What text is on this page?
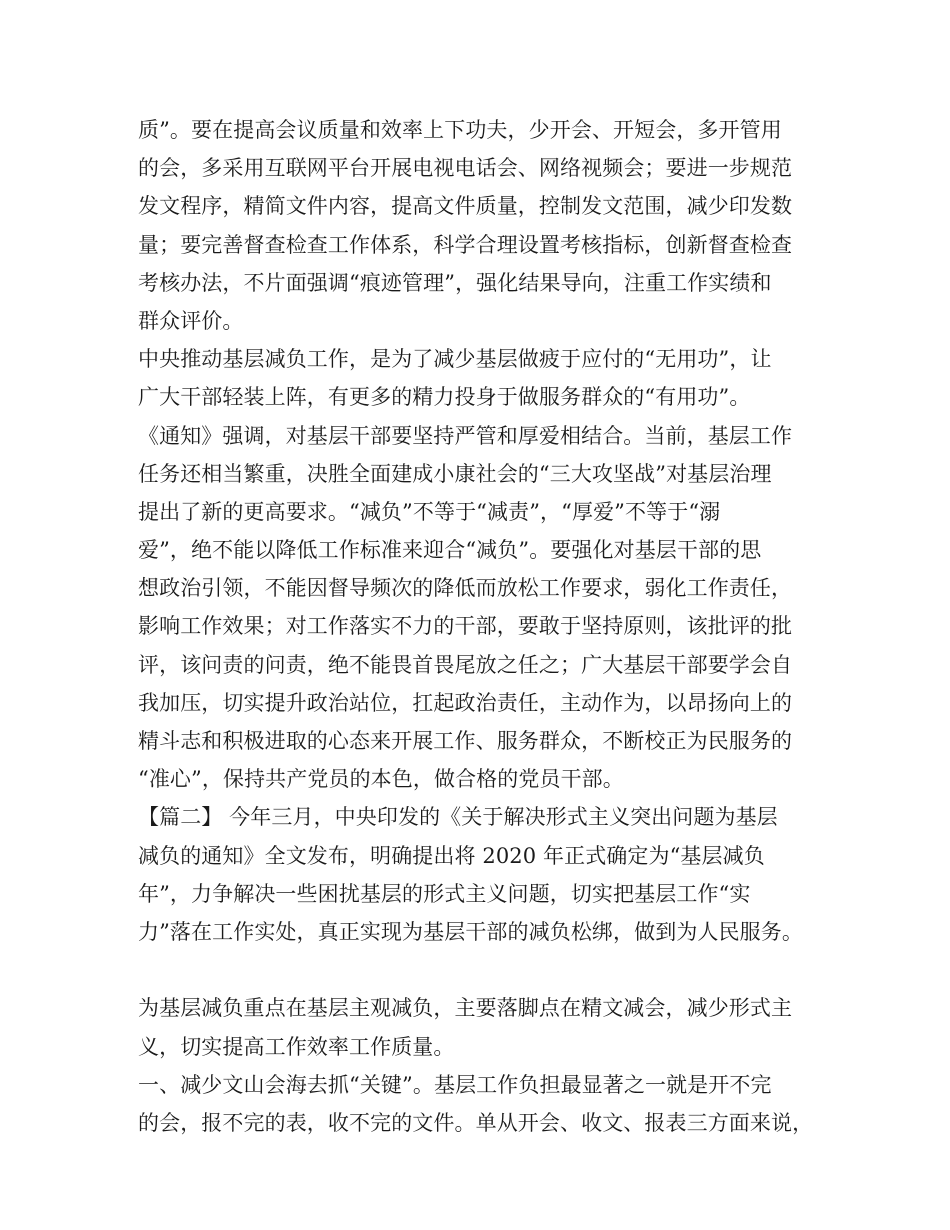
质”。要在提高会议质量和效率上下功夫，少开会、开短会，多开管用
的会，多采用互联网平台开展电视电话会、网络视频会；要进一步规范
发文程序，精简文件内容，提高文件质量，控制发文范围，减少印发数
量；要完善督查检查工作体系，科学合理设置考核指标，创新督查检查
考核办法，不片面强调“痕迹管理”，强化结果导向，注重工作实绩和
群众评价。
中央推动基层减负工作，是为了减少基层做疲于应付的“无用功”，让
广大干部轻装上阵，有更多的精力投身于做服务群众的“有用功”。
《通知》强调，对基层干部要坚持严管和厚爱相结合。当前，基层工作
任务还相当繁重，决胜全面建成小康社会的“三大攻坚战”对基层治理
提出了新的更高要求。“减负”不等于“减责”，“厚爱”不等于“溺
爱”，绝不能以降低工作标准来迎合“减负”。要强化对基层干部的思
想政治引领，不能因督导频次的降低而放松工作要求，弱化工作责任，
影响工作效果；对工作落实不力的干部，要敢于坚持原则，该批评的批
评，该问责的问责，绝不能畏首畏尾放之任之；广大基层干部要学会自
我加压，切实提升政治站位，扛起政治责任，主动作为，以昂扬向上的
精斗志和积极进取的心态来开展工作、服务群众，不断校正为民服务的
“准心”，保持共产党员的本色，做合格的党员干部。
【篇二】 今年三月，中央印发的《关于解决形式主义突出问题为基层
减负的通知》全文发布，明确提出将 2020 年正式确定为“基层减负
年”，力争解决一些困扰基层的形式主义问题，切实把基层工作“实
力”落在工作实处，真正实现为基层干部的减负松绑，做到为人民服务。
为基层减负重点在基层主观减负，主要落脚点在精文减会，减少形式主
义，切实提高工作效率工作质量。
一、减少文山会海去抓“关键”。基层工作负担最显著之一就是开不完
的会，报不完的表，收不完的文件。单从开会、收文、报表三方面来说，
